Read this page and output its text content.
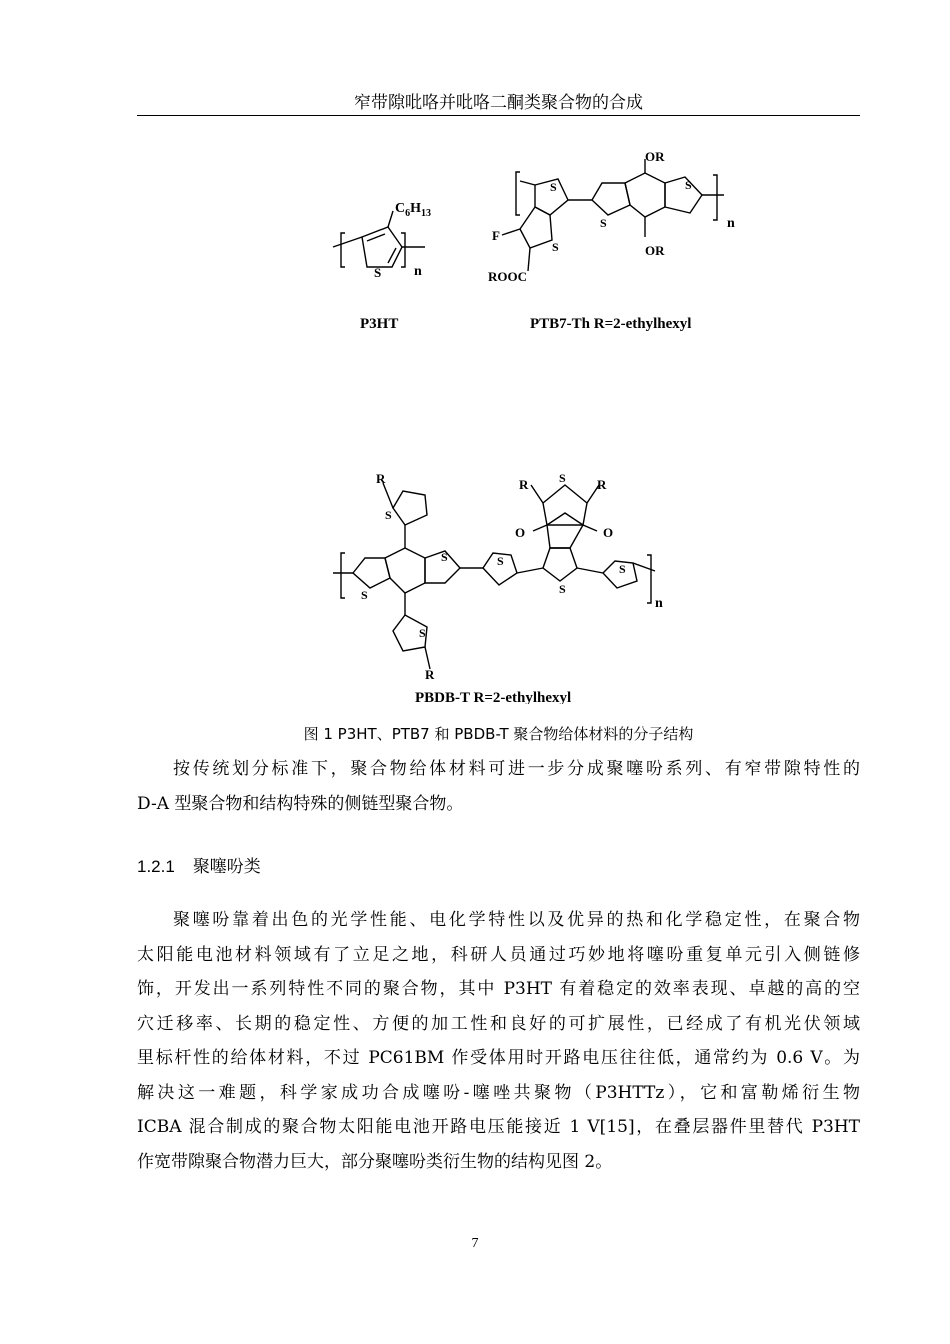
窄带隙吡咯并吡咯二酮类聚合物的合成
S
$C_6H_{13}$
n
S
S
S
S
OR
OR
F
ROOC
n
P3HT	PTB7-Th R=2-ethylhexyl
R
R
R	R
O	O
S
S
S
S
S
S
S
S
n
PBDB-T R=2-ethylhexyl
图 1 P3HT、PTB7 和 PBDB-T 聚合物给体材料的分子结构
按传统划分标准下，聚合物给体材料可进一步分成聚噻吩系列、有窄带隙特性的
D-A 型聚合物和结构特殊的侧链型聚合物。
1.2.1 聚噻吩类
聚噻吩靠着出色的光学性能、电化学特性以及优异的热和化学稳定性，在聚合物
太阳能电池材料领域有了立足之地，科研人员通过巧妙地将噻吩重复单元引入侧链修
饰，开发出一系列特性不同的聚合物，其中 P3HT 有着稳定的效率表现、卓越的高的空
穴迁移率、长期的稳定性、方便的加工性和良好的可扩展性，已经成了有机光伏领域
里标杆性的给体材料，不过 PC61BM 作受体用时开路电压往往低，通常约为 0.6 V。为
解决这一难题，科学家成功合成噻吩-噻唑共聚物（P3HTTz），它和富勒烯衍生物
ICBA 混合制成的聚合物太阳能电池开路电压能接近 1 V[15]，在叠层器件里替代 P3HT
作宽带隙聚合物潜力巨大，部分聚噻吩类衍生物的结构见图 2。
7
